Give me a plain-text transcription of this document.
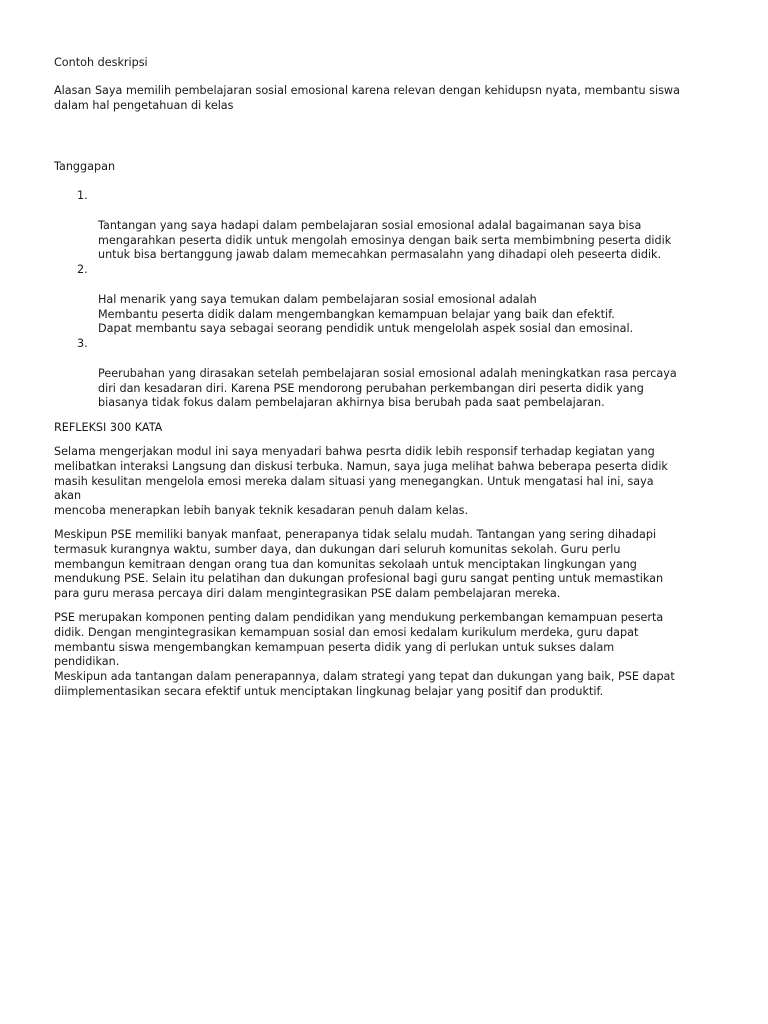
Contoh deskripsi

Alasan Saya memilih pembelajaran sosial emosional karena relevan dengan kehidupsn nyata, membantu siswa
dalam hal pengetahuan di kelas

Tanggapan

1.

Tantangan yang saya hadapi dalam pembelajaran sosial emosional adalal bagaimanan saya bisa
mengarahkan peserta didik untuk mengolah emosinya dengan baik serta membimbning peserta didik
untuk bisa bertanggung jawab dalam memecahkan permasalahn yang dihadapi oleh peseerta didik.

2.

Hal menarik yang saya temukan dalam pembelajaran sosial emosional adalah
Membantu peserta didik dalam mengembangkan kemampuan belajar yang baik dan efektif.
Dapat membantu saya sebagai seorang pendidik untuk mengelolah aspek sosial dan emosinal.

3.

Peerubahan yang dirasakan setelah pembelajaran sosial emosional adalah meningkatkan rasa percaya
diri dan kesadaran diri. Karena PSE mendorong perubahan perkembangan diri peserta didik yang
biasanya tidak fokus dalam pembelajaran akhirnya bisa berubah pada saat pembelajaran.

REFLEKSI 300 KATA

Selama mengerjakan modul ini saya menyadari bahwa pesrta didik lebih responsif terhadap kegiatan yang
melibatkan interaksi Langsung dan diskusi terbuka. Namun, saya juga melihat bahwa beberapa peserta didik
masih kesulitan mengelola emosi mereka dalam situasi yang menegangkan. Untuk mengatasi hal ini, saya akan
mencoba menerapkan lebih banyak teknik kesadaran penuh dalam kelas.

Meskipun PSE memiliki banyak manfaat, penerapanya tidak selalu mudah. Tantangan yang sering dihadapi
termasuk kurangnya waktu, sumber daya, dan dukungan dari seluruh komunitas sekolah. Guru perlu
membangun kemitraan dengan orang tua dan komunitas sekolaah untuk menciptakan lingkungan yang
mendukung PSE. Selain itu pelatihan dan dukungan profesional bagi guru sangat penting untuk memastikan
para guru merasa percaya diri dalam mengintegrasikan PSE dalam pembelajaran mereka.

PSE merupakan komponen penting dalam pendidikan yang mendukung perkembangan kemampuan peserta
didik. Dengan mengintegrasikan kemampuan sosial dan emosi kedalam kurikulum merdeka, guru dapat
membantu siswa mengembangkan kemampuan peserta didik yang di perlukan untuk sukses dalam pendidikan.
Meskipun ada tantangan dalam penerapannya, dalam strategi yang tepat dan dukungan yang baik, PSE dapat
diimplementasikan secara efektif untuk menciptakan lingkunag belajar yang positif dan produktif.
